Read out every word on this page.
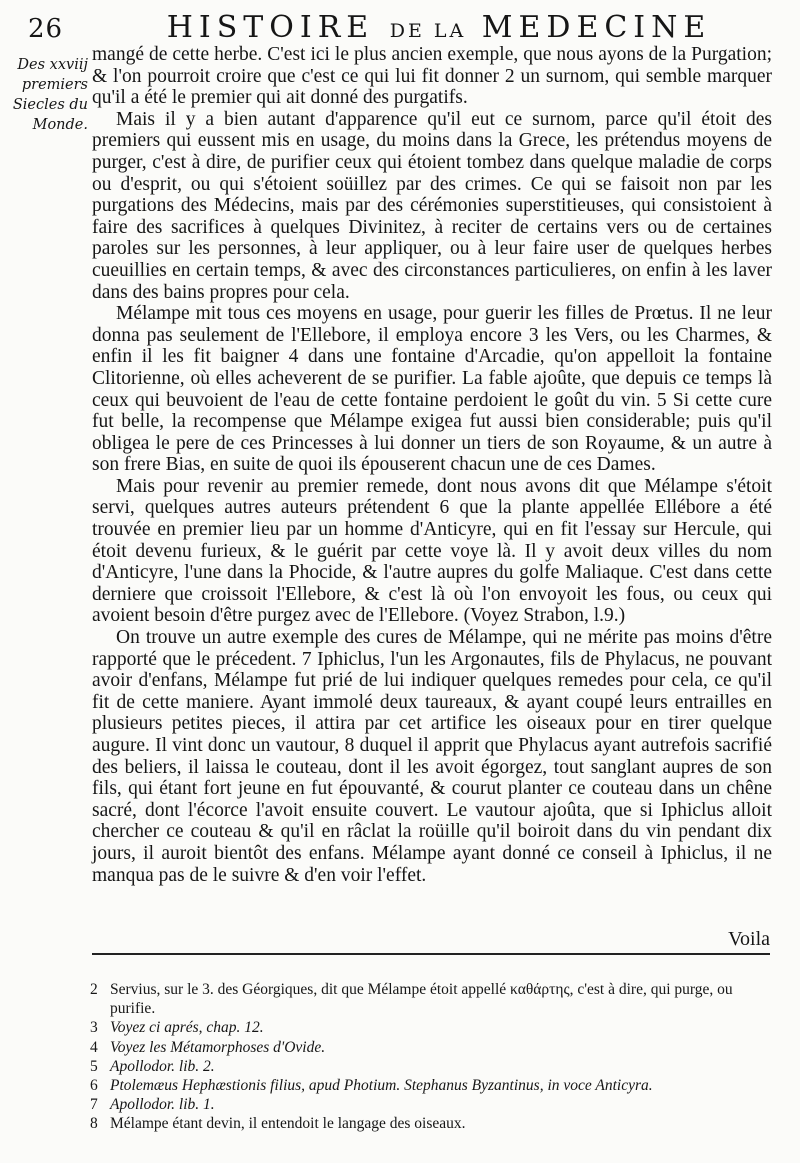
26	HISTOIRE DE LA MEDECINE
Des xxviij premiers Siecles du Monde.

mangé de cette herbe. C'est ici le plus ancien exemple, que nous ayons de la Purgation; & l'on pourroit croire que c'est ce qui lui fit donner 2 un surnom, qui semble marquer qu'il a été le premier qui ait donné des purgatifs.

Mais il y a bien autant d'apparence qu'il eut ce surnom, parce qu'il étoit des premiers qui eussent mis en usage, du moins dans la Grece, les prétendus moyens de purger, c'est à dire, de purifier ceux qui étoient tombez dans quelque maladie de corps ou d'esprit, ou qui s'étoient soüillez par des crimes. Ce qui se faisoit non par les purgations des Médecins, mais par des cérémonies superstitieuses, qui consistoient à faire des sacrifices à quelques Divinitez, à reciter de certains vers ou de certaines paroles sur les personnes, à leur appliquer, ou à leur faire user de quelques herbes cueuillies en certain temps, & avec des circonstances particulieres, on enfin à les laver dans des bains propres pour cela.

Mélampe mit tous ces moyens en usage, pour guerir les filles de Prœtus. Il ne leur donna pas seulement de l'Ellebore, il employa encore 3 les Vers, ou les Charmes, & enfin il les fit baigner 4 dans une fontaine d'Arcadie, qu'on appelloit la fontaine Clitorienne, où elles acheverent de se purifier. La fable ajoûte, que depuis ce temps là ceux qui beuvoient de l'eau de cette fontaine perdoient le goût du vin. 5 Si cette cure fut belle, la recompense que Mélampe exigea fut aussi bien considerable; puis qu'il obligea le pere de ces Princesses à lui donner un tiers de son Royaume, & un autre à son frere Bias, en suite de quoi ils épouserent chacun une de ces Dames.

Mais pour revenir au premier remede, dont nous avons dit que Mélampe s'étoit servi, quelques autres auteurs prétendent 6 que la plante appellée Ellébore a été trouvée en premier lieu par un homme d'Anticyre, qui en fit l'essay sur Hercule, qui étoit devenu furieux, & le guérit par cette voye là. Il y avoit deux villes du nom d'Anticyre, l'une dans la Phocide, & l'autre aupres du golfe Maliaque. C'est dans cette derniere que croissoit l'Ellebore, & c'est là où l'on envoyoit les fous, ou ceux qui avoient besoin d'être purgez avec de l'Ellebore. (Voyez Strabon, l.9.)

On trouve un autre exemple des cures de Mélampe, qui ne mérite pas moins d'être rapporté que le précedent. 7 Iphiclus, l'un les Argonautes, fils de Phylacus, ne pouvant avoir d'enfans, Mélampe fut prié de lui indiquer quelques remedes pour cela, ce qu'il fit de cette maniere. Ayant immolé deux taureaux, & ayant coupé leurs entrailles en plusieurs petites pieces, il attira par cet artifice les oiseaux pour en tirer quelque augure. Il vint donc un vautour, 8 duquel il apprit que Phylacus ayant autrefois sacrifié des beliers, il laissa le couteau, dont il les avoit égorgez, tout sanglant aupres de son fils, qui étant fort jeune en fut épouvanté, & courut planter ce couteau dans un chêne sacré, dont l'écorce l'avoit ensuite couvert. Le vautour ajoûta, que si Iphiclus alloit chercher ce couteau & qu'il en râclat la roüille qu'il boiroit dans du vin pendant dix jours, il auroit bientôt des enfans. Mélampe ayant donné ce conseil à Iphiclus, il ne manqua pas de le suivre & d'en voir l'effet.

Voila
2 Servius, sur le 3. des Géorgiques, dit que Mélampe étoit appellé καθάρτης, c'est à dire, qui purge, ou purifie.
3 Voyez ci aprés, chap. 12.
4 Voyez les Métamorphoses d'Ovide.
5 Apollodor. lib. 2.
6 Ptolemæus Hephæstionis filius, apud Photium. Stephanus Byzantinus, in voce Anticyra.
7 Apollodor. lib. 1.
8 Mélampe étant devin, il entendoit le langage des oiseaux.
